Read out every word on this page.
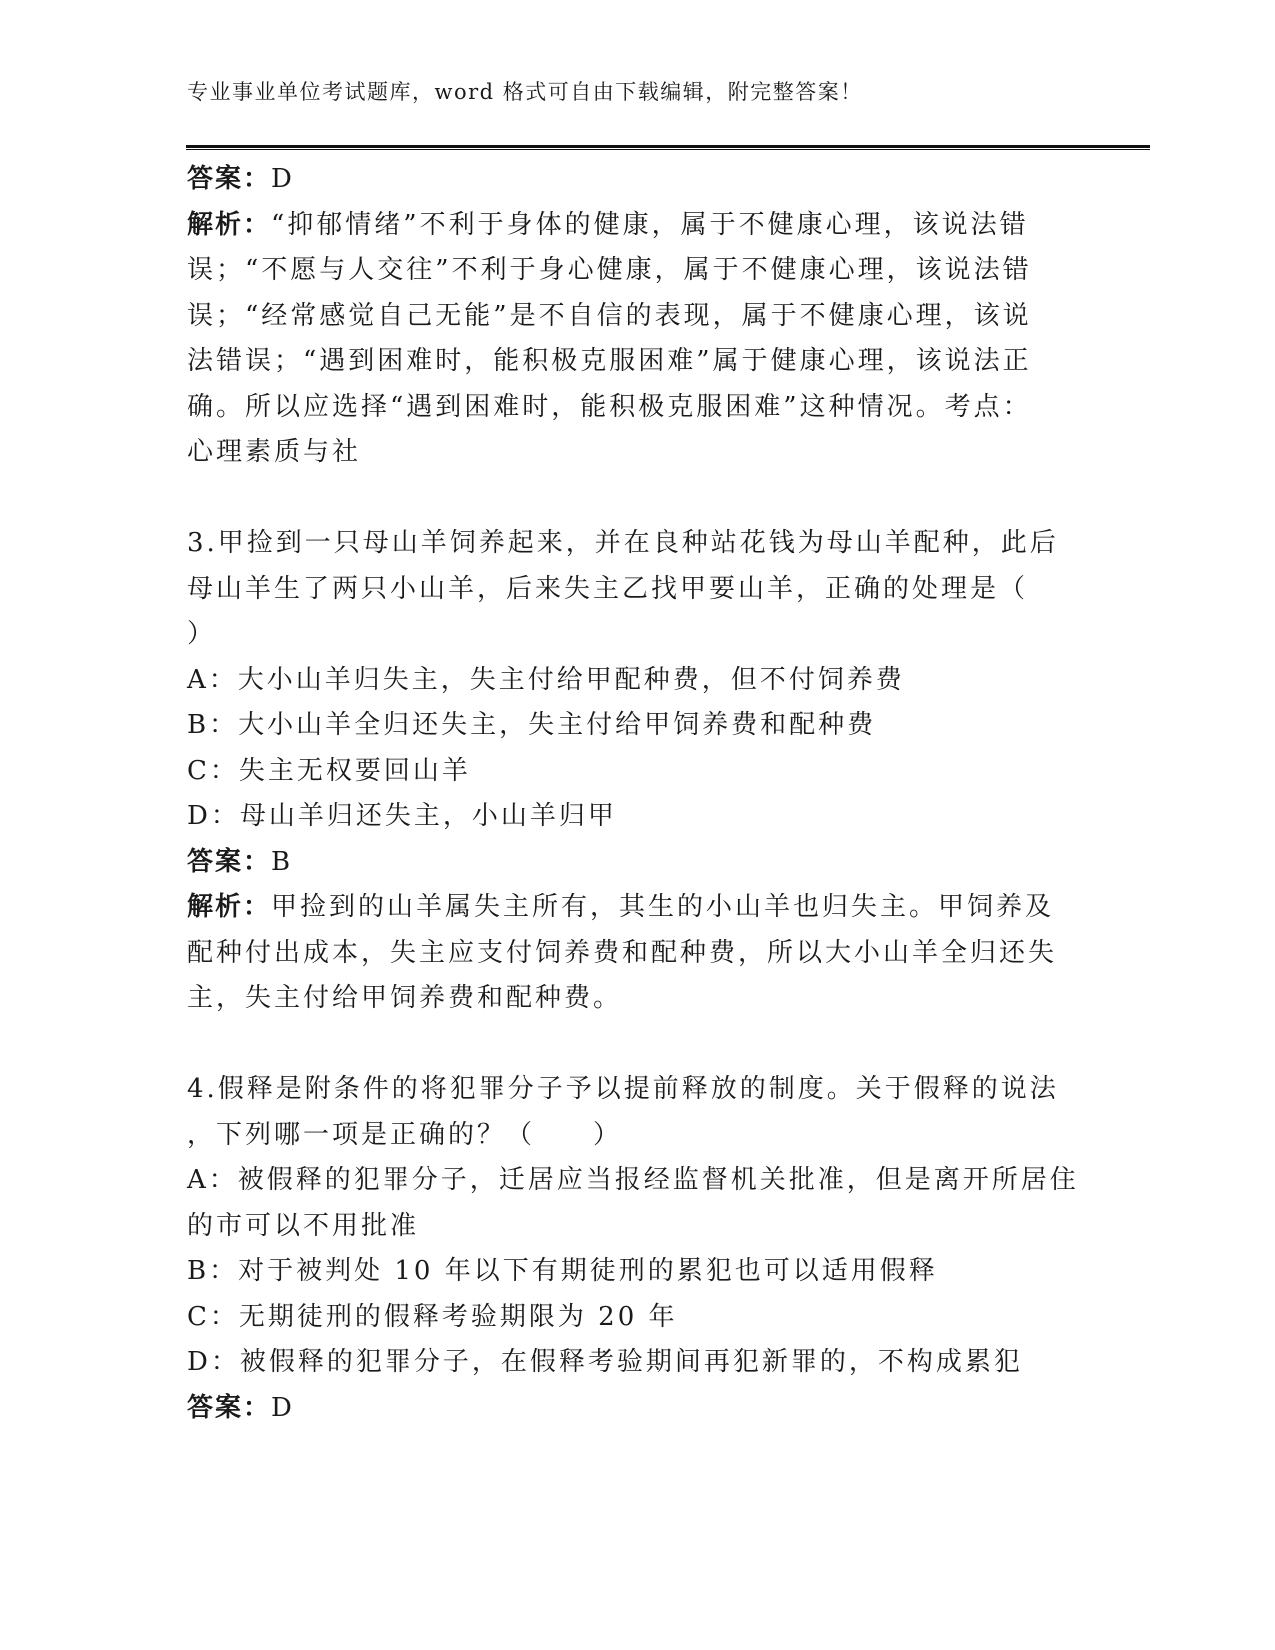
专业事业单位考试题库，word 格式可自由下载编辑，附完整答案！
答案：D
解析：“抑郁情绪”不利于身体的健康，属于不健康心理，该说法错
误；“不愿与人交往”不利于身心健康，属于不健康心理，该说法错
误；“经常感觉自己无能”是不自信的表现，属于不健康心理，该说
法错误；“遇到困难时，能积极克服困难”属于健康心理，该说法正
确。所以应选择“遇到困难时，能积极克服困难”这种情况。考点：
心理素质与社
3.甲捡到一只母山羊饲养起来，并在良种站花钱为母山羊配种，此后
母山羊生了两只小山羊，后来失主乙找甲要山羊，正确的处理是（
）
A：大小山羊归失主，失主付给甲配种费，但不付饲养费
B：大小山羊全归还失主，失主付给甲饲养费和配种费
C：失主无权要回山羊
D：母山羊归还失主，小山羊归甲
答案：B
解析：甲捡到的山羊属失主所有，其生的小山羊也归失主。甲饲养及
配种付出成本，失主应支付饲养费和配种费，所以大小山羊全归还失
主，失主付给甲饲养费和配种费。
4.假释是附条件的将犯罪分子予以提前释放的制度。关于假释的说法
，下列哪一项是正确的？（　　）
A：被假释的犯罪分子，迁居应当报经监督机关批准，但是离开所居住
的市可以不用批准
B：对于被判处 10 年以下有期徒刑的累犯也可以适用假释
C：无期徒刑的假释考验期限为 20 年
D：被假释的犯罪分子，在假释考验期间再犯新罪的，不构成累犯
答案：D
